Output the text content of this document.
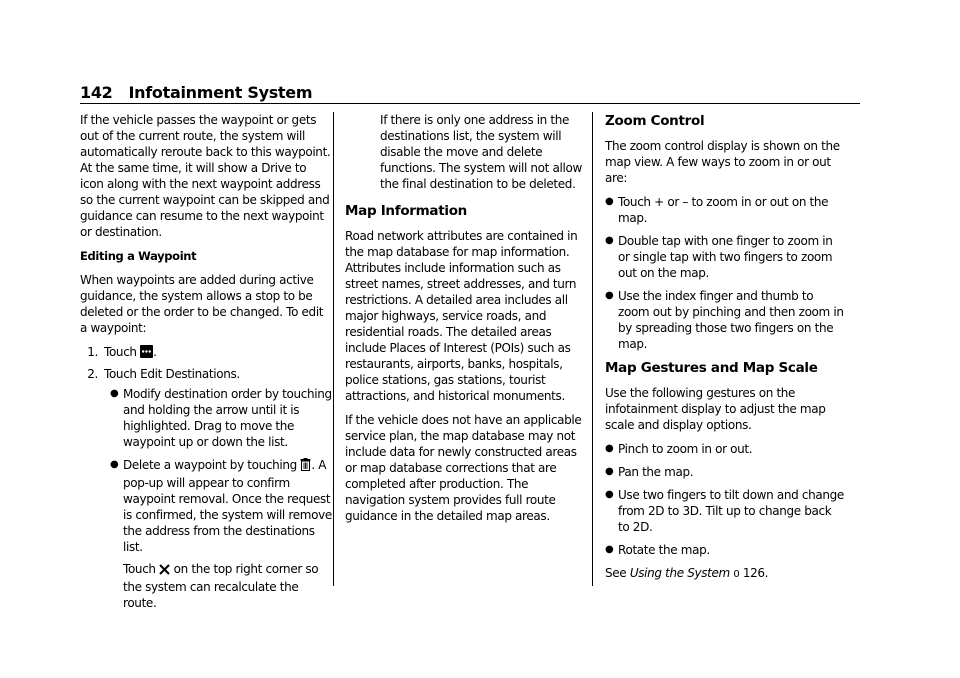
142 Infotainment System

If the vehicle passes the waypoint or gets out of the current route, the system will automatically reroute back to this waypoint. At the same time, it will show a Drive to icon along with the next waypoint address so the current waypoint can be skipped and guidance can resume to the next waypoint or destination.

Editing a Waypoint

When waypoints are added during active guidance, the system allows a stop to be deleted or the order to be changed. To edit a waypoint:

1. Touch .
2. Touch Edit Destinations.
● Modify destination order by touching and holding the arrow until it is highlighted. Drag to move the waypoint up or down the list.
● Delete a waypoint by touching . A pop-up will appear to confirm waypoint removal. Once the request is confirmed, the system will remove the address from the destinations list.
Touch on the top right corner so the system can recalculate the route.

If there is only one address in the destinations list, the system will disable the move and delete functions. The system will not allow the final destination to be deleted.

Map Information

Road network attributes are contained in the map database for map information. Attributes include information such as street names, street addresses, and turn restrictions. A detailed area includes all major highways, service roads, and residential roads. The detailed areas include Places of Interest (POIs) such as restaurants, airports, banks, hospitals, police stations, gas stations, tourist attractions, and historical monuments.

If the vehicle does not have an applicable service plan, the map database may not include data for newly constructed areas or map database corrections that are completed after production. The navigation system provides full route guidance in the detailed map areas.

Zoom Control

The zoom control display is shown on the map view. A few ways to zoom in or out are:

● Touch + or – to zoom in or out on the map.
● Double tap with one finger to zoom in or single tap with two fingers to zoom out on the map.
● Use the index finger and thumb to zoom out by pinching and then zoom in by spreading those two fingers on the map.
Map Gestures and Map Scale

Use the following gestures on the infotainment display to adjust the map scale and display options.

● Pinch to zoom in or out.
● Pan the map.
● Use two fingers to tilt down and change from 2D to 3D. Tilt up to change back to 2D.
● Rotate the map.

See Using the System 0 126.
